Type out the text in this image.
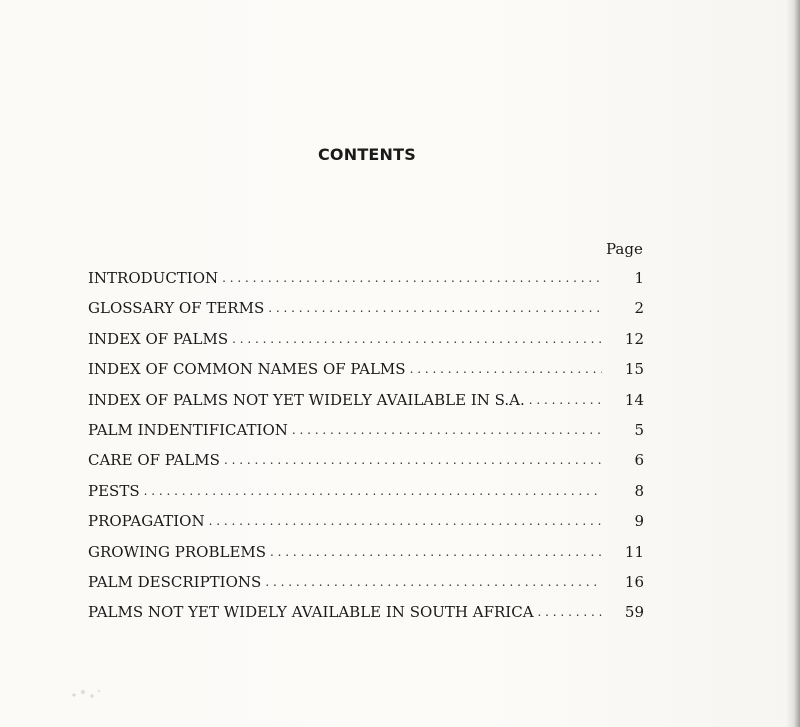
CONTENTS
Page
INTRODUCTION . . .	1
GLOSSARY OF TERMS . . .	2
INDEX OF PALMS . . .	12
INDEX OF COMMON NAMES OF PALMS . . .	15
INDEX OF PALMS NOT YET WIDELY AVAILABLE IN S.A. . . .	14
PALM INDENTIFICATION . . .	5
CARE OF PALMS . . .	6
PESTS . . .	8
PROPAGATION . . .	9
GROWING PROBLEMS . . .	11
PALM DESCRIPTIONS . . .	16
PALMS NOT YET WIDELY AVAILABLE IN SOUTH AFRICA . . .	59
